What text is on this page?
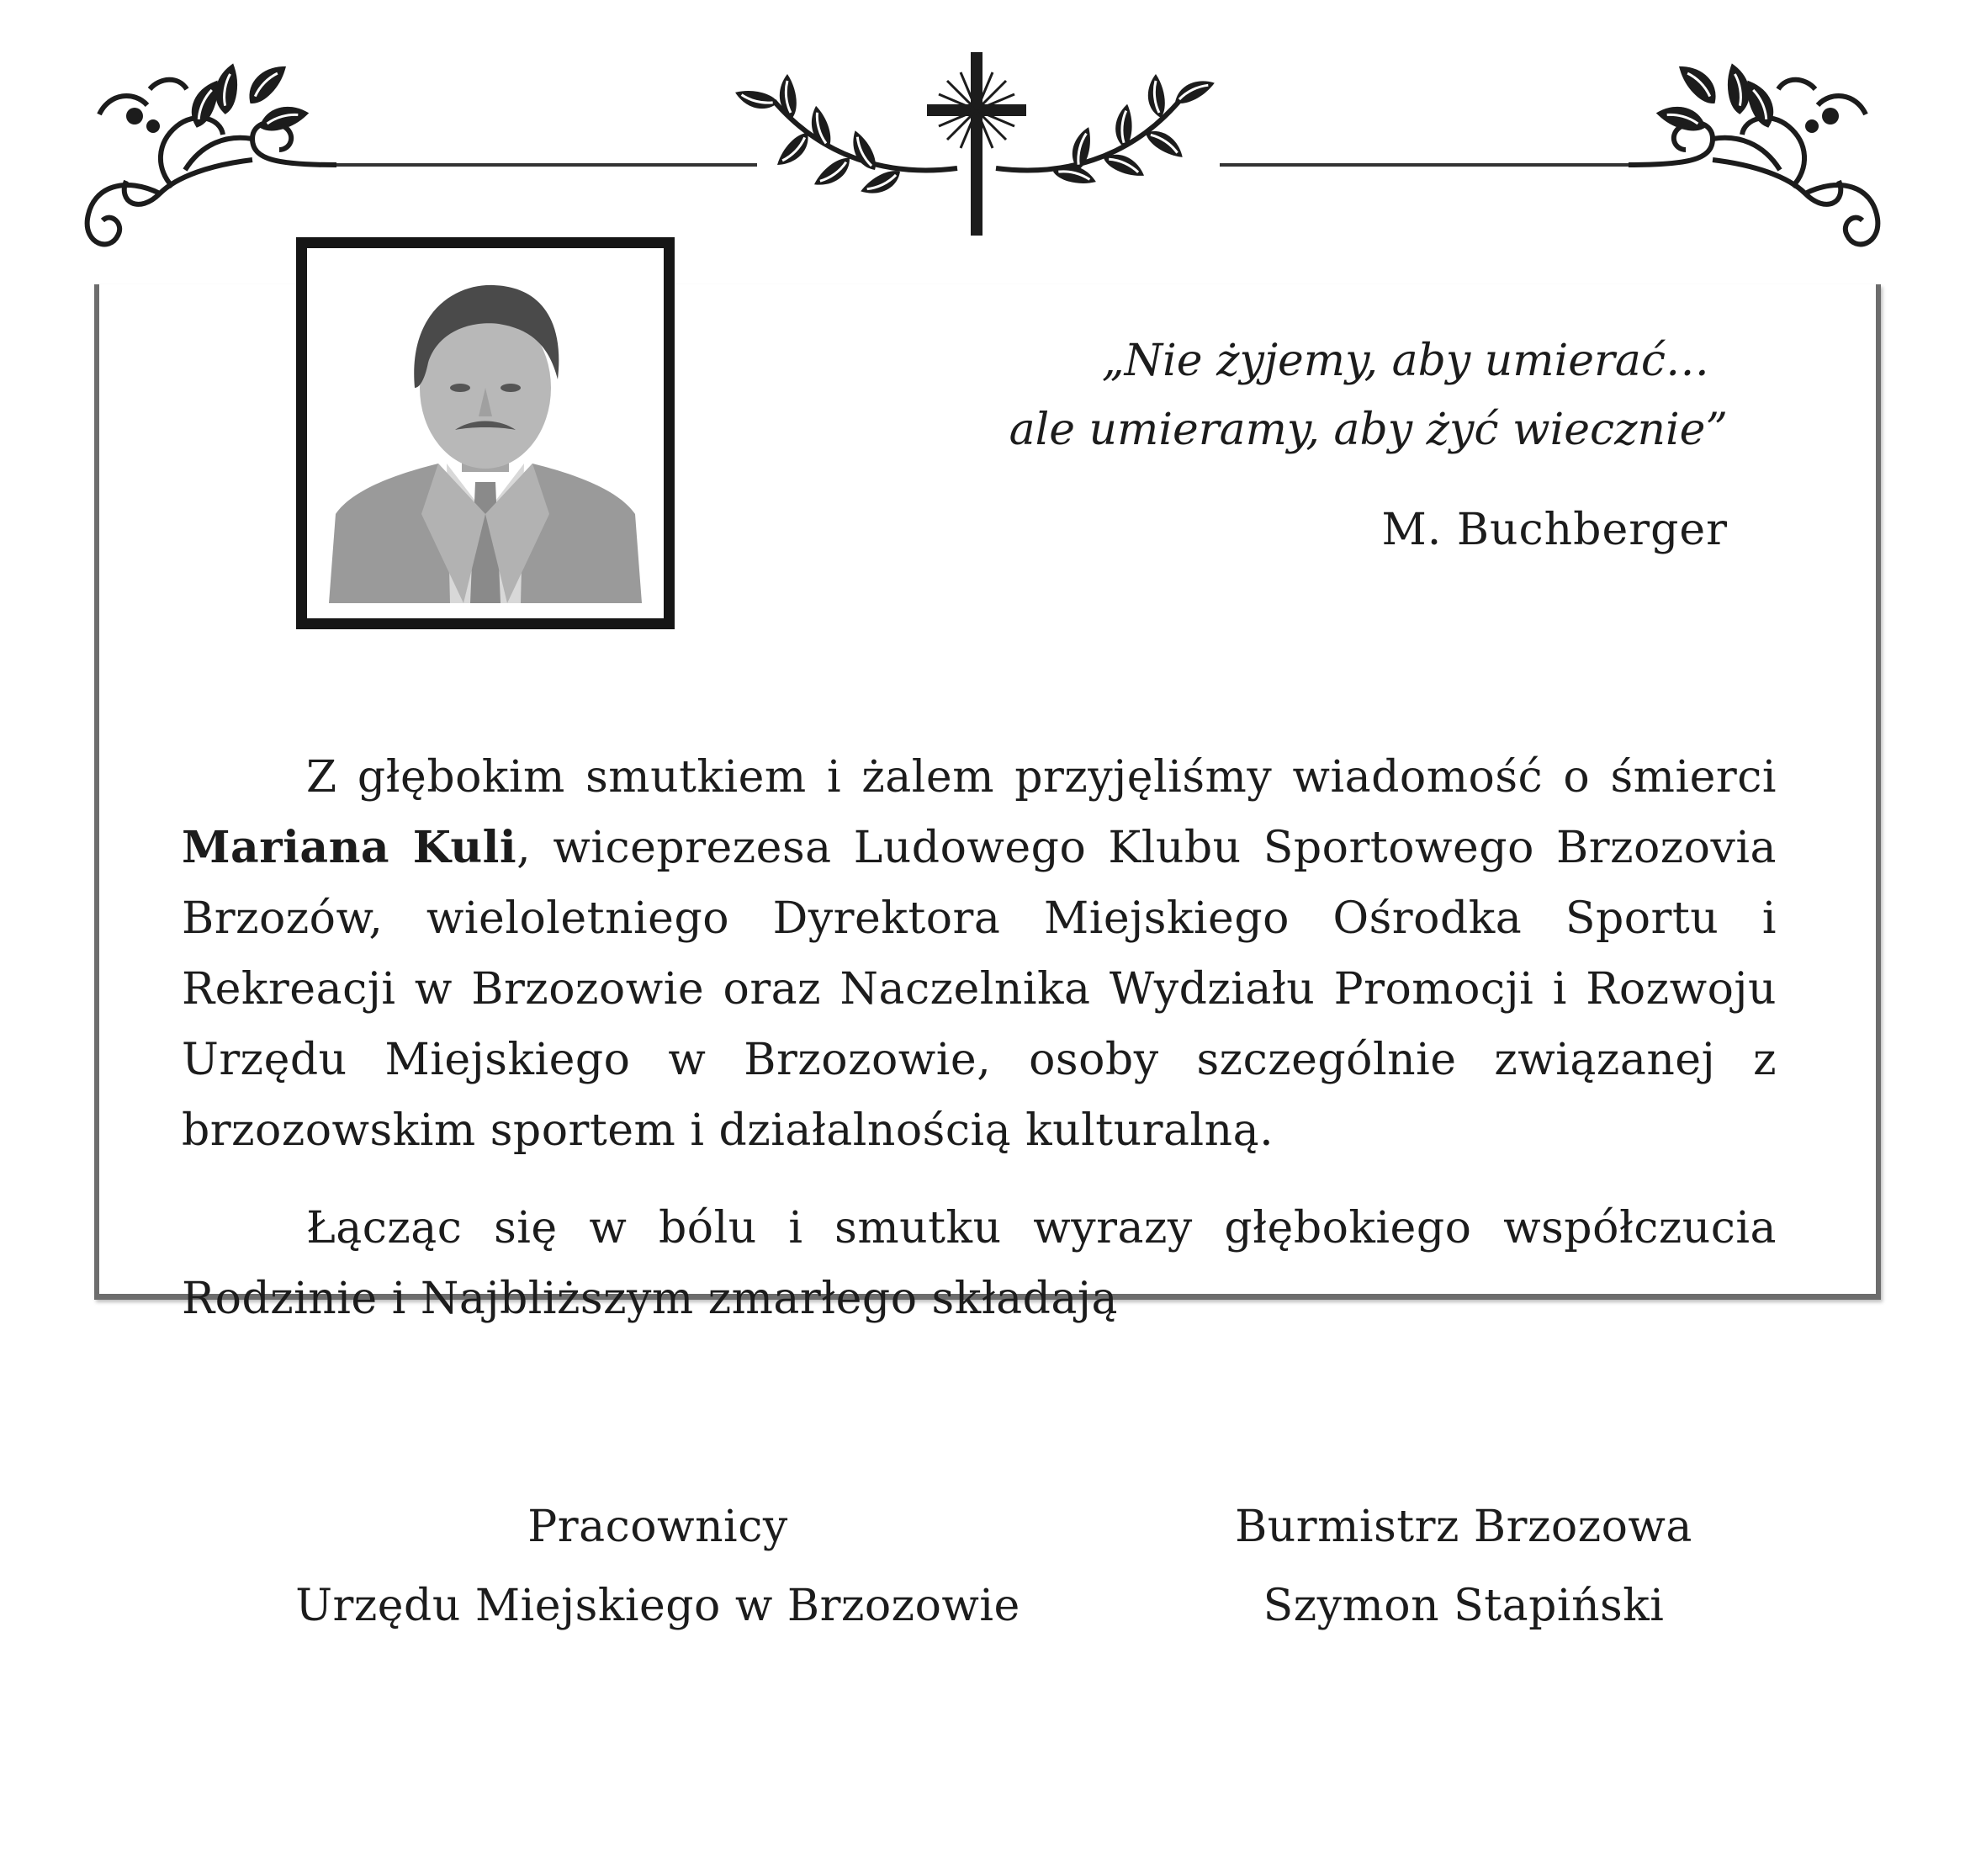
„Nie żyjemy, aby umierać…

ale umieramy, aby żyć wiecznie”

M. Buchberger

Z głębokim smutkiem i żalem przyjęliśmy wiadomość o śmierci Mariana Kuli, wiceprezesa Ludowego Klubu Sportowego Brzozovia Brzozów, wieloletniego Dyrektora Miejskiego Ośrodka Sportu i Rekreacji w Brzozowie oraz Naczelnika Wydziału Promocji i Rozwoju Urzędu Miejskiego w Brzozowie, osoby szczególnie związanej z brzozowskim sportem i działalnością kulturalną.

Łącząc się w bólu i smutku wyrazy głębokiego współczucia Rodzinie i Najbliższym zmarłego składają

Pracownicy
Urzędu Miejskiego w Brzozowie
Burmistrz Brzozowa
Szymon Stapiński
